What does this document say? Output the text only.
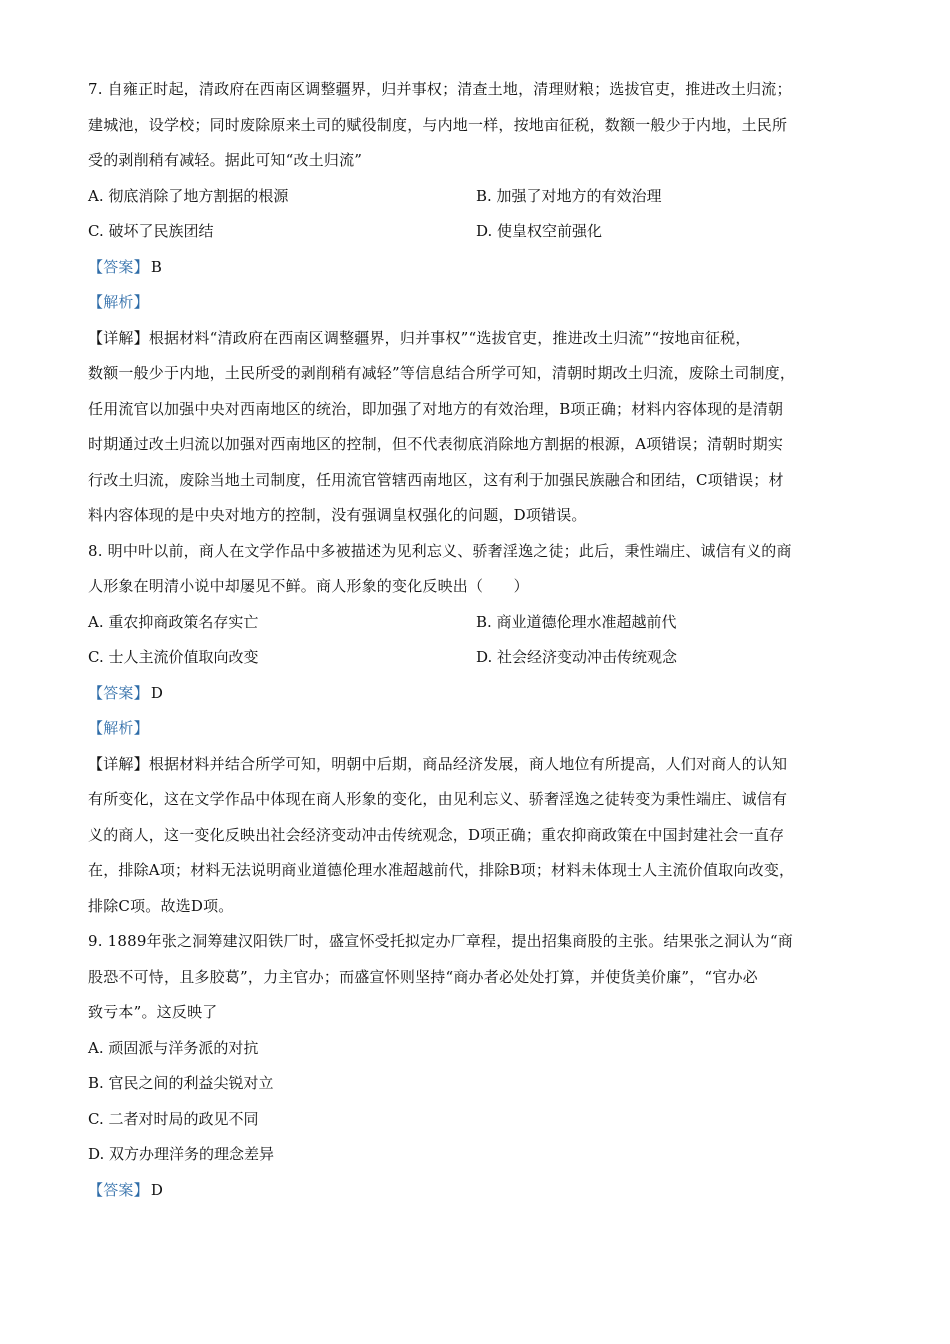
7. 自雍正时起，清政府在西南区调整疆界，归并事权；清查土地，清理财粮；选拔官吏，推进改土归流；
建城池，设学校；同时废除原来土司的赋役制度，与内地一样，按地亩征税，数额一般少于内地，土民所
受的剥削稍有减轻。据此可知“改土归流”
A. 彻底消除了地方割据的根源	B. 加强了对地方的有效治理
C. 破坏了民族团结	D. 使皇权空前强化
【答案】 B
【解析】
【详解】根据材料“清政府在西南区调整疆界，归并事权”“选拔官吏，推进改土归流”“按地亩征税，
数额一般少于内地，土民所受的剥削稍有减轻”等信息结合所学可知，清朝时期改土归流，废除土司制度，
任用流官以加强中央对西南地区的统治，即加强了对地方的有效治理，B项正确；材料内容体现的是清朝
时期通过改土归流以加强对西南地区的控制，但不代表彻底消除地方割据的根源，A项错误；清朝时期实
行改土归流，废除当地土司制度，任用流官管辖西南地区，这有利于加强民族融合和团结，C项错误；材
料内容体现的是中央对地方的控制，没有强调皇权强化的问题，D项错误。
8. 明中叶以前，商人在文学作品中多被描述为见利忘义、骄奢淫逸之徒；此后，秉性端庄、诚信有义的商
人形象在明清小说中却屡见不鲜。商人形象的变化反映出（　　）
A. 重农抑商政策名存实亡	B. 商业道德伦理水准超越前代
C. 士人主流价值取向改变	D. 社会经济变动冲击传统观念
【答案】 D
【解析】
【详解】根据材料并结合所学可知，明朝中后期，商品经济发展，商人地位有所提高，人们对商人的认知
有所变化，这在文学作品中体现在商人形象的变化，由见利忘义、骄奢淫逸之徒转变为秉性端庄、诚信有
义的商人，这一变化反映出社会经济变动冲击传统观念，D项正确；重农抑商政策在中国封建社会一直存
在，排除A项；材料无法说明商业道德伦理水准超越前代，排除B项；材料未体现士人主流价值取向改变，
排除C项。故选D项。
9. 1889年张之洞筹建汉阳铁厂时，盛宣怀受托拟定办厂章程，提出招集商股的主张。结果张之洞认为“商
股恐不可恃，且多胶葛”，力主官办；而盛宣怀则坚持“商办者必处处打算，并使货美价廉”，“官办必
致亏本”。这反映了
A. 顽固派与洋务派的对抗
B. 官民之间的利益尖锐对立
C. 二者对时局的政见不同
D. 双方办理洋务的理念差异
【答案】 D
